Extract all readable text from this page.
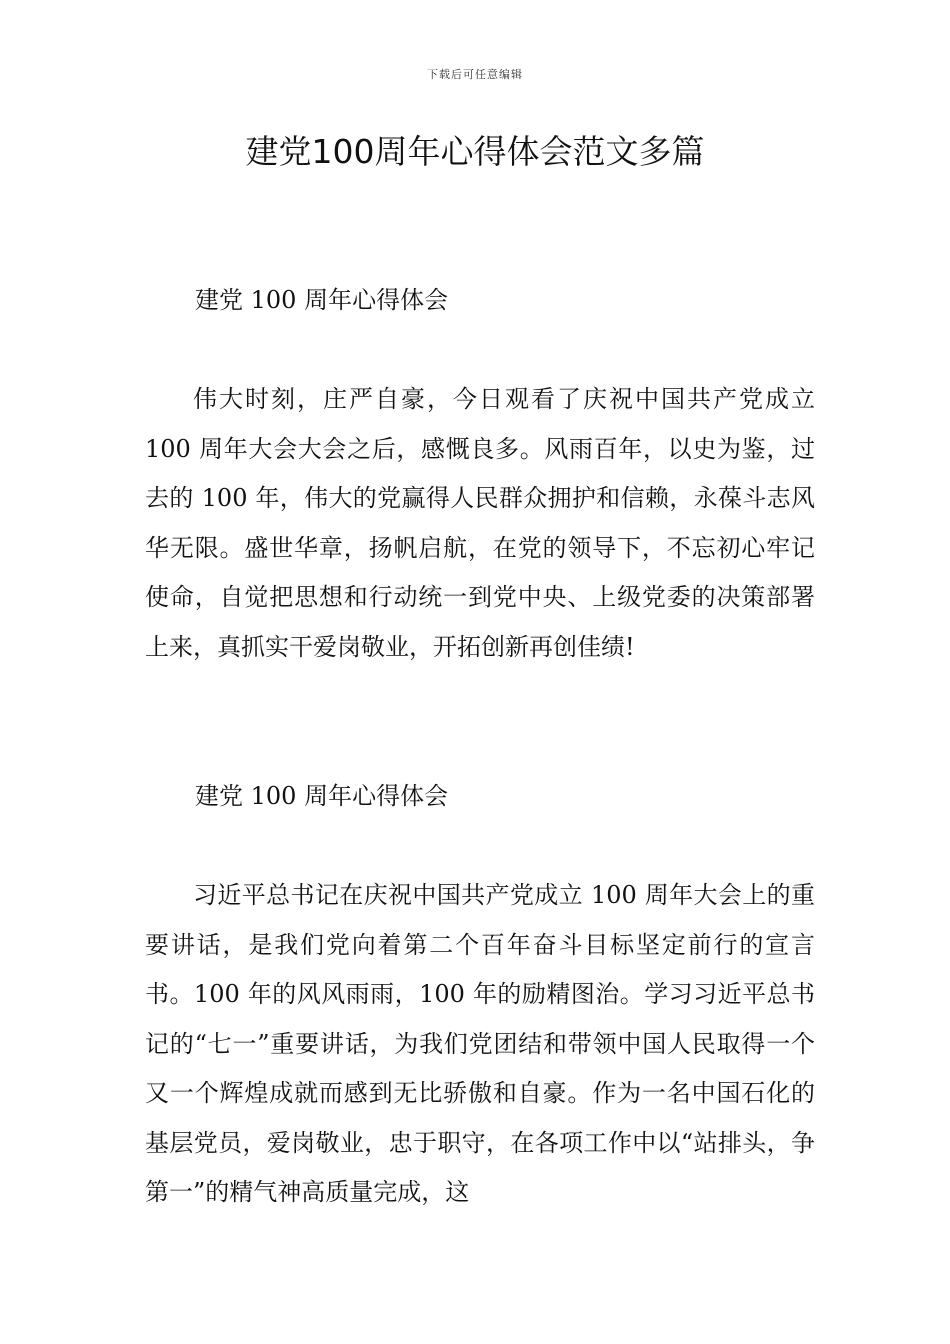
下载后可任意编辑
建党100周年心得体会范文多篇

建党 100 周年心得体会

伟大时刻，庄严自豪，今日观看了庆祝中国共产党成立 100 周年大会大会之后，感慨良多。风雨百年，以史为鉴，过去的 100 年，伟大的党赢得人民群众拥护和信赖，永葆斗志风华无限。盛世华章，扬帆启航，在党的领导下，不忘初心牢记使命，自觉把思想和行动统一到党中央、上级党委的决策部署上来，真抓实干爱岗敬业，开拓创新再创佳绩!

建党 100 周年心得体会

习近平总书记在庆祝中国共产党成立 100 周年大会上的重要讲话，是我们党向着第二个百年奋斗目标坚定前行的宣言书。100 年的风风雨雨，100 年的励精图治。学习习近平总书记的“七一”重要讲话，为我们党团结和带领中国人民取得一个又一个辉煌成就而感到无比骄傲和自豪。作为一名中国石化的基层党员，爱岗敬业，忠于职守，在各项工作中以“站排头，争第一”的精气神高质量完成，这
